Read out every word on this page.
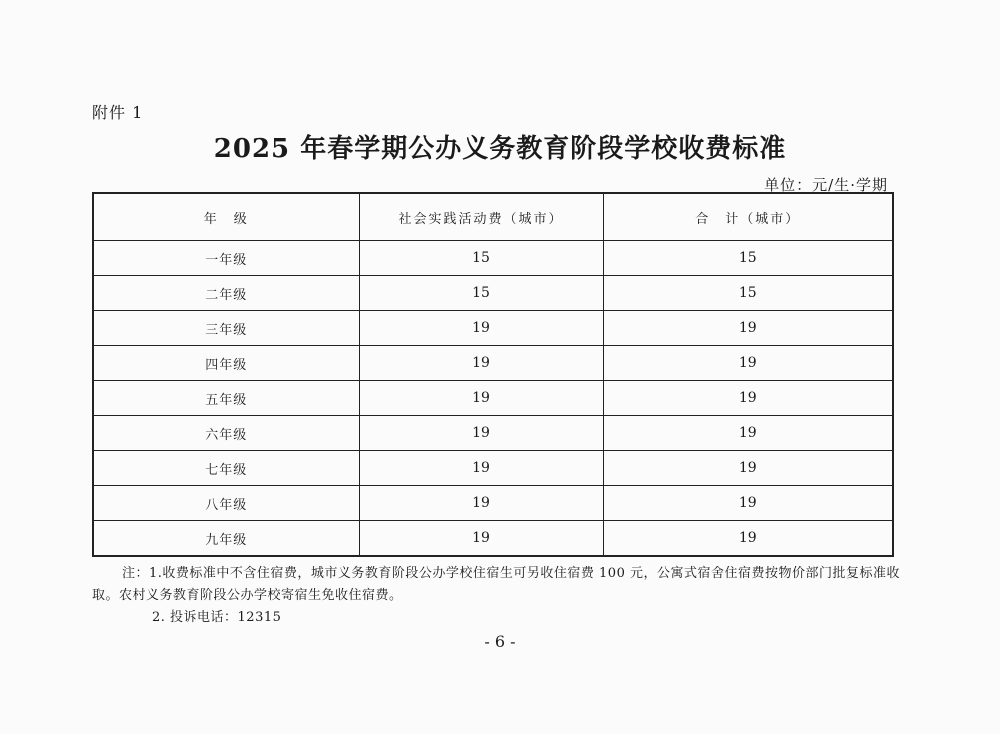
附件 1
2025 年春学期公办义务教育阶段学校收费标准
单位：元/生·学期
年　级	社会实践活动费（城市）	合　计（城市）
一年级	15	15
二年级	15	15
三年级	19	19
四年级	19	19
五年级	19	19
六年级	19	19
七年级	19	19
八年级	19	19
九年级	19	19

注：1.收费标准中不含住宿费，城市义务教育阶段公办学校住宿生可另收住宿费 100 元，公寓式宿舍住宿费按物价部门批复标准收取。农村义务教育阶段公办学校寄宿生免收住宿费。

2. 投诉电话：12315

- 6 -
